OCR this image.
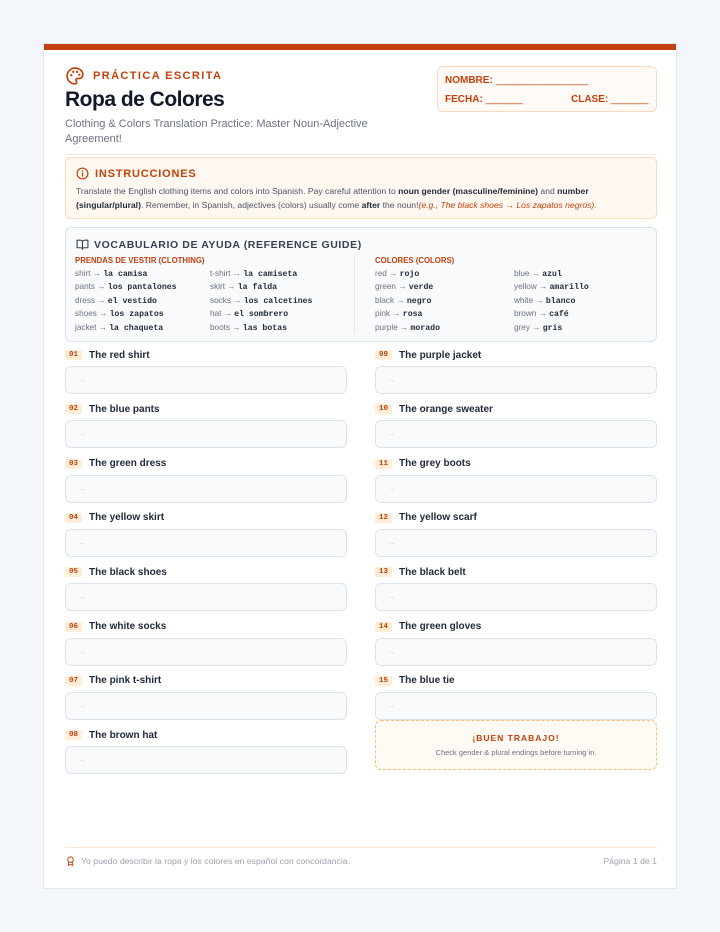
PRÁCTICA ESCRITA
Ropa de Colores
Clothing & Colors Translation Practice: Master Noun-Adjective Agreement!
NOMBRE: ____________________
FECHA: ________	CLASE: ________
INSTRUCCIONES
Translate the English clothing items and colors into Spanish. Pay careful attention to noun gender (masculine/feminine) and number (singular/plural). Remember, in Spanish, adjectives (colors) usually come after the noun! (e.g., The black shoes → Los zapatos negros).
VOCABULARIO DE AYUDA (REFERENCE GUIDE)
PRENDAS DE VESTIR (CLOTHING)
shirt → la camisa	t-shirt → la camiseta
pants → los pantalones	skirt → la falda
dress → el vestido	socks → los calcetines
shoes → los zapatos	hat → el sombrero
jacket → la chaqueta	boots → las botas
COLORES (COLORS)
red → rojo	blue → azul
green → verde	yellow → amarillo
black → negro	white → blanco
pink → rosa	brown → café
purple → morado	grey → gris
01	The red shirt
→
02	The blue pants
→
03	The green dress
→
04	The yellow skirt
→
05	The black shoes
→
06	The white socks
→
07	The pink t-shirt
→
08	The brown hat
→
09	The purple jacket
→
10	The orange sweater
→
11	The grey boots
→
12	The yellow scarf
→
13	The black belt
→
14	The green gloves
→
15	The blue tie
→
¡BUEN TRABAJO!
Check gender & plural endings before turning in.
Yo puedo describir la ropa y los colores en español con concordancia.	Página 1 de 1
